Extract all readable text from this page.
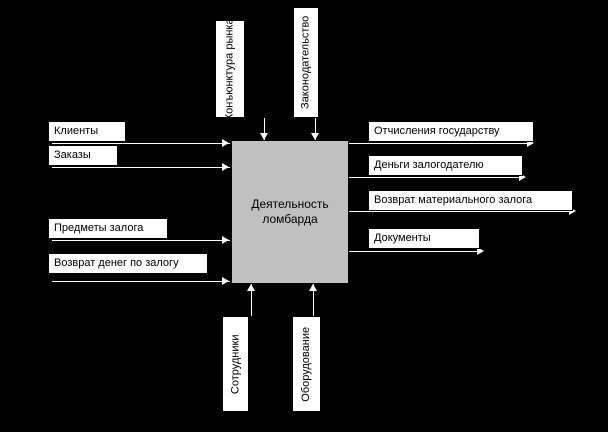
Конъюнктура рынка	Законодательство
Деятельность ломбарда
Клиенты
Заказы
Предметы залога
Возврат денег по залогу
Отчисления государству
Деньги залогодателю
Возврат материального залога
Документы
Сотрудники	Оборудование
